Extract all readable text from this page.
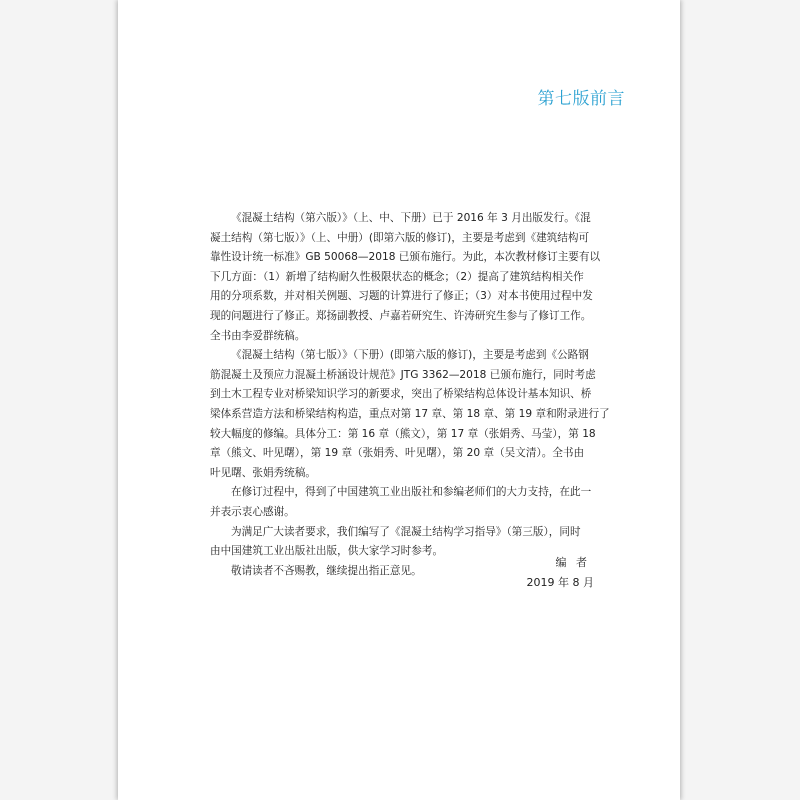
第七版前言
《混凝土结构（第六版）》（上、中、下册）已于 2016 年 3 月出版发行。《混
凝土结构（第七版）》（上、中册）(即第六版的修订)，主要是考虑到《建筑结构可
靠性设计统一标准》GB 50068—2018 已颁布施行。为此，本次教材修订主要有以
下几方面：（1）新增了结构耐久性极限状态的概念；（2）提高了建筑结构相关作
用的分项系数，并对相关例题、习题的计算进行了修正；（3）对本书使用过程中发
现的问题进行了修正。郑扬副教授、卢嘉若研究生、许涛研究生参与了修订工作。
全书由李爱群统稿。
《混凝土结构（第七版）》（下册）(即第六版的修订)，主要是考虑到《公路钢
筋混凝土及预应力混凝土桥涵设计规范》JTG 3362—2018 已颁布施行，同时考虑
到土木工程专业对桥梁知识学习的新要求，突出了桥梁结构总体设计基本知识、桥
梁体系营造方法和桥梁结构构造，重点对第 17 章、第 18 章、第 19 章和附录进行了
较大幅度的修编。具体分工：第 16 章（熊文），第 17 章（张娟秀、马莹），第 18
章（熊文、叶见曙），第 19 章（张娟秀、叶见曙），第 20 章（吴文清）。全书由
叶见曙、张娟秀统稿。
在修订过程中，得到了中国建筑工业出版社和参编老师们的大力支持，在此一
并表示衷心感谢。
为满足广大读者要求，我们编写了《混凝土结构学习指导》（第三版），同时
由中国建筑工业出版社出版，供大家学习时参考。
敬请读者不吝赐教，继续提出指正意见。
编 者
2019 年 8 月
